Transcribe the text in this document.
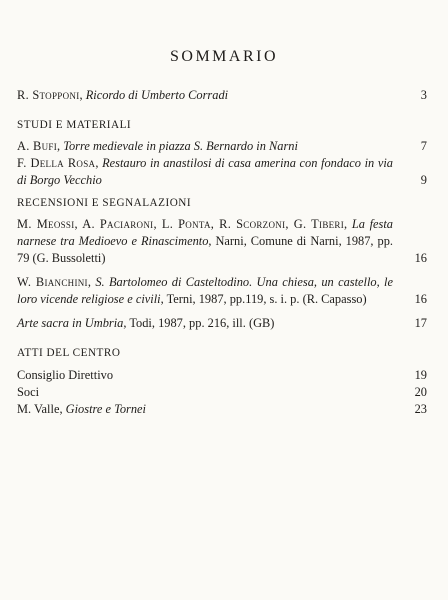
SOMMARIO
R. Stopponi, Ricordo di Umberto Corradi	3
STUDI E MATERIALI
A. Bufi, Torre medievale in piazza S. Bernardo in Narni	7
F. Della Rosa, Restauro in anastilosi di casa amerina con fondaco in via di Borgo Vecchio	9
RECENSIONI E SEGNALAZIONI
M. Meossi, A. Paciaroni, L. Ponta, R. Scorzoni, G. Tiberi, La festa narnese tra Medioevo e Rinascimento, Narni, Comune di Narni, 1987, pp. 79 (G. Bussoletti)	16
W. Bianchini, S. Bartolomeo di Casteltodino. Una chiesa, un castello, le loro vicende religiose e civili, Terni, 1987, pp.119, s. i. p. (R. Capasso)	16
Arte sacra in Umbria, Todi, 1987, pp. 216, ill. (GB)	17
ATTI DEL CENTRO
Consiglio Direttivo	19
Soci	20
M. Valle, Giostre e Tornei	23
